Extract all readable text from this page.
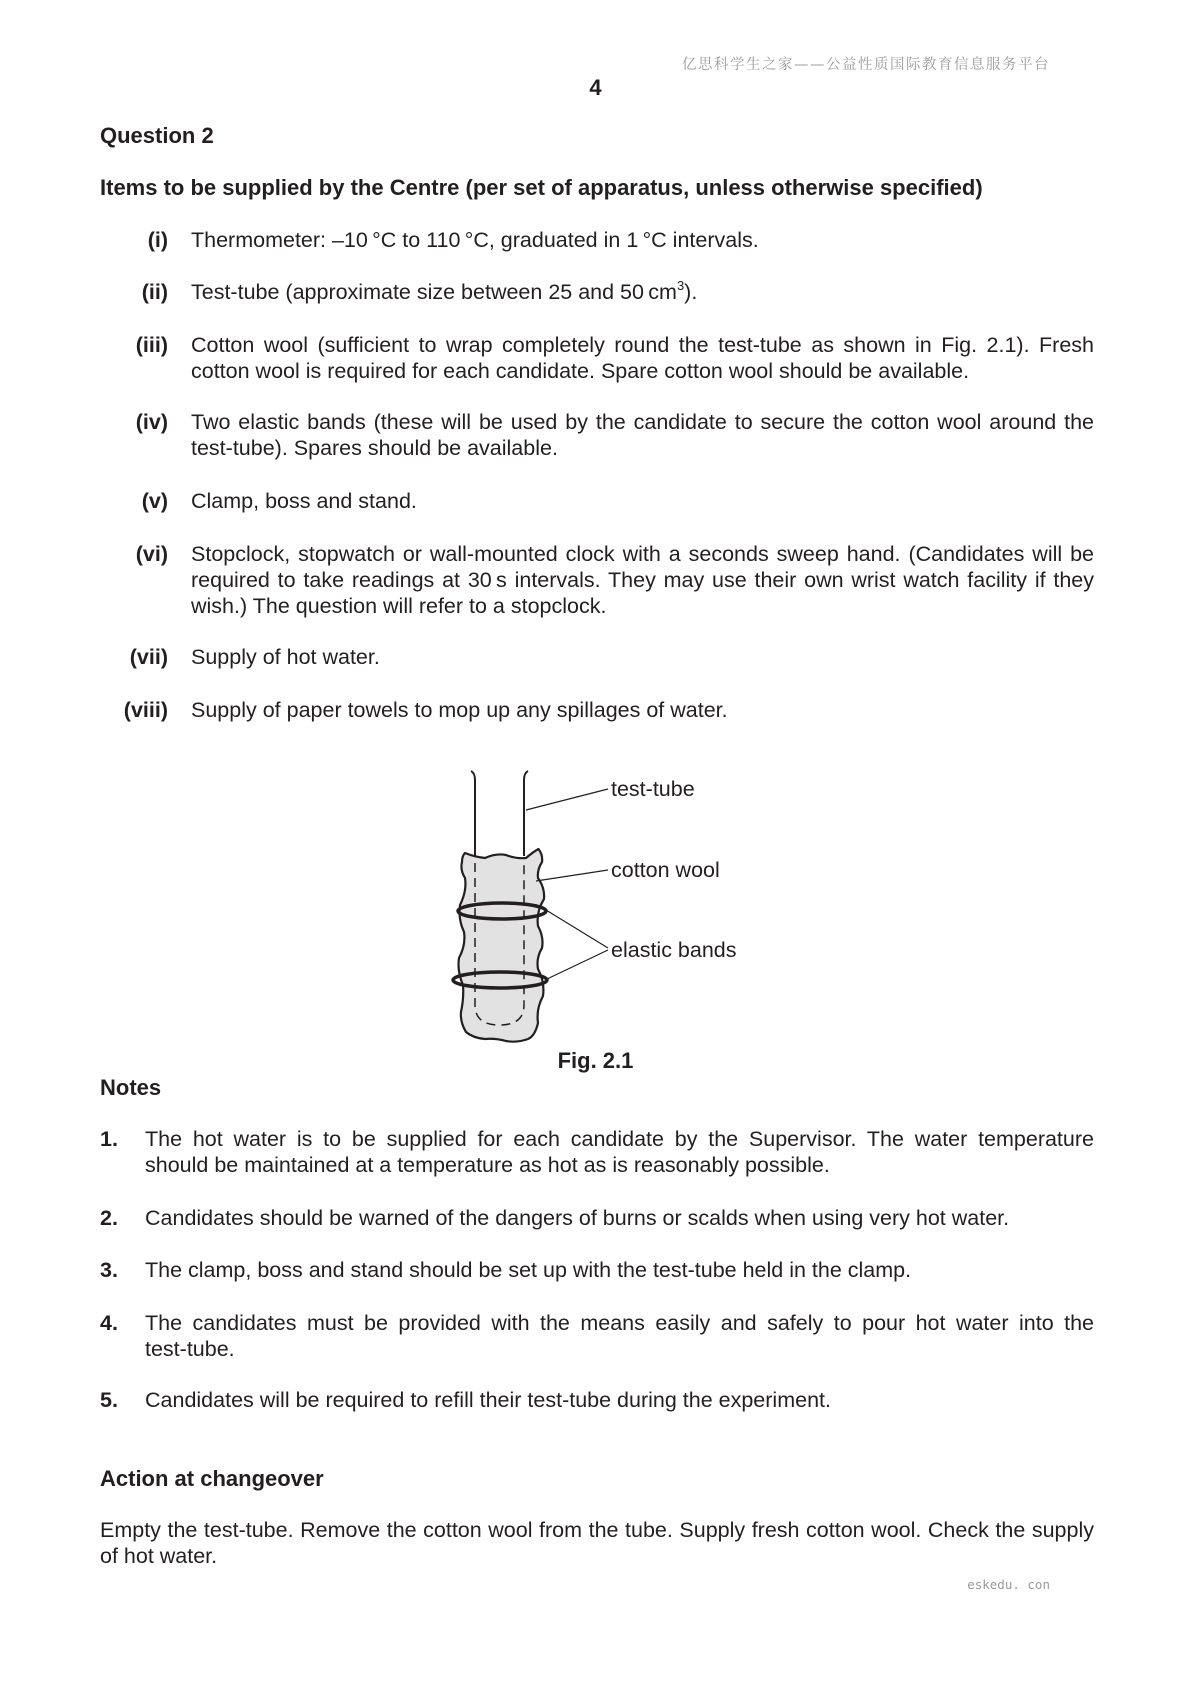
亿思科学生之家——公益性质国际教育信息服务平台
4
Question 2
Items to be supplied by the Centre (per set of apparatus, unless otherwise specified)
(i) Thermometer: –10 °C to 110 °C, graduated in 1 °C intervals.
(ii) Test-tube (approximate size between 25 and 50 $cm^3$).
(iii) Cotton wool (sufficient to wrap completely round the test-tube as shown in Fig. 2.1). Fresh
cotton wool is required for each candidate. Spare cotton wool should be available.
(iv) Two elastic bands (these will be used by the candidate to secure the cotton wool around the
test-tube). Spares should be available.
(v) Clamp, boss and stand.
(vi) Stopclock, stopwatch or wall-mounted clock with a seconds sweep hand. (Candidates will be
required to take readings at 30 s intervals. They may use their own wrist watch facility if they
wish.) The question will refer to a stopclock.
(vii) Supply of hot water.
(viii) Supply of paper towels to mop up any spillages of water.
test-tube
cotton wool
elastic bands
Fig. 2.1
Notes
1. The hot water is to be supplied for each candidate by the Supervisor. The water temperature
should be maintained at a temperature as hot as is reasonably possible.
2. Candidates should be warned of the dangers of burns or scalds when using very hot water.
3. The clamp, boss and stand should be set up with the test-tube held in the clamp.
4. The candidates must be provided with the means easily and safely to pour hot water into the
test-tube.
5. Candidates will be required to refill their test-tube during the experiment.
Action at changeover
Empty the test-tube. Remove the cotton wool from the tube. Supply fresh cotton wool. Check the supply
of hot water.
eskedu. con
